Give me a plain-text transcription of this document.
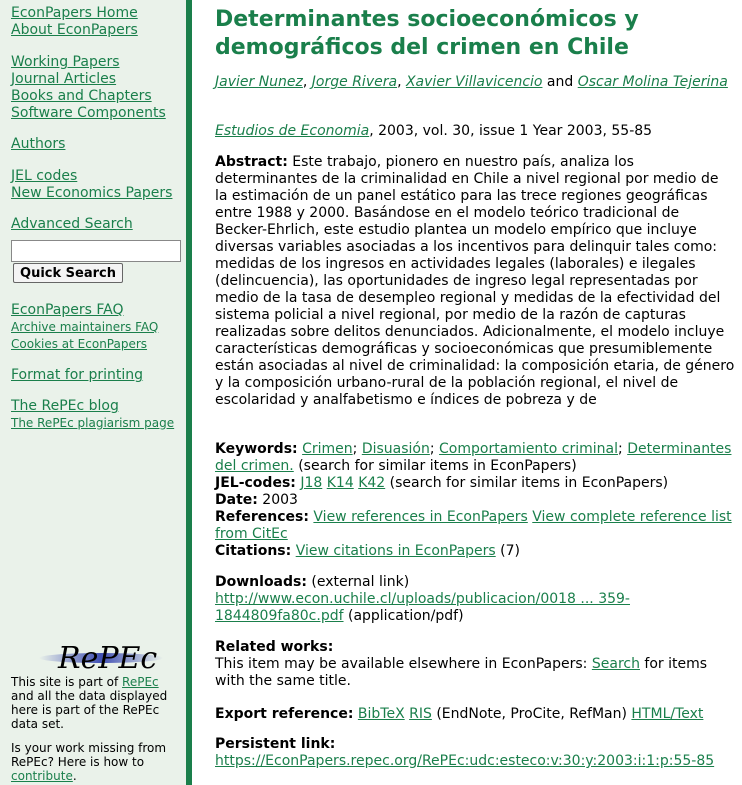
EconPapers Home
About EconPapers
Working Papers
Journal Articles
Books and Chapters
Software Components
Authors
JEL codes
New Economics Papers
Advanced Search
Quick Search
EconPapers FAQ
Archive maintainers FAQ
Cookies at EconPapers
Format for printing
The RePEc blog
The RePEc plagiarism page
RePEc
This site is part of RePEc and all the data displayed here is part of the RePEc data set.
Is your work missing from RePEc? Here is how to contribute.
Determinantes socioeconómicos y demográficos del crimen en Chile
Javier Nunez, Jorge Rivera, Xavier Villavicencio and Oscar Molina Tejerina
Estudios de Economia, 2003, vol. 30, issue 1 Year 2003, 55-85
Abstract: Este trabajo, pionero en nuestro país, analiza los determinantes de la criminalidad en Chile a nivel regional por medio de la estimación de un panel estático para las trece regiones geográficas entre 1988 y 2000. Basándose en el modelo teórico tradicional de Becker-Ehrlich, este estudio plantea un modelo empírico que incluye diversas variables asociadas a los incentivos para delinquir tales como: medidas de los ingresos en actividades legales (laborales) e ilegales (delincuencia), las oportunidades de ingreso legal representadas por medio de la tasa de desempleo regional y medidas de la efectividad del sistema policial a nivel regional, por medio de la razón de capturas realizadas sobre delitos denunciados. Adicionalmente, el modelo incluye características demográficas y socioeconómicas que presumiblemente están asociadas al nivel de criminalidad: la composición etaria, de género y la composición urbano-rural de la población regional, el nivel de escolaridad y analfabetismo e índices de pobreza y de
Keywords: Crimen; Disuasión; Comportamiento criminal; Determinantes del crimen. (search for similar items in EconPapers)
JEL-codes: J18 K14 K42 (search for similar items in EconPapers)
Date: 2003
References: View references in EconPapers View complete reference list from CitEc
Citations: View citations in EconPapers (7)
Downloads: (external link)
http://www.econ.uchile.cl/uploads/publicacion/0018 ... 359-1844809fa80c.pdf (application/pdf)
Related works:
This item may be available elsewhere in EconPapers: Search for items with the same title.
Export reference: BibTeX RIS (EndNote, ProCite, RefMan) HTML/Text
Persistent link:
https://EconPapers.repec.org/RePEc:udc:esteco:v:30:y:2003:i:1:p:55-85
